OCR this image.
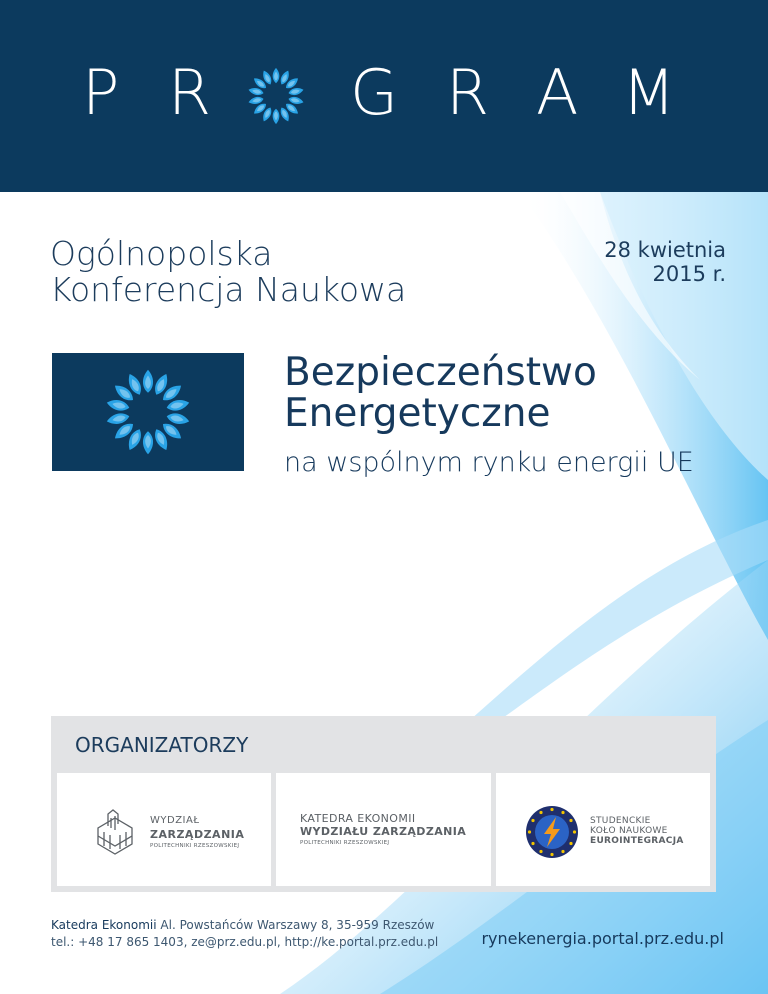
P R G R A M
Ogólnopolska
Konferencja Naukowa
28 kwietnia
2015 r.
Bezpieczeństwo
Energetyczne
na wspólnym rynku energii UE
ORGANIZATORZY
WYDZIAŁ
ZARZĄDZANIA
POLITECHNIKI RZESZOWSKIEJ
KATEDRA EKONOMII
WYDZIAŁU ZARZĄDZANIA
POLITECHNIKI RZESZOWSKIEJ
STUDENCKIE
KOŁO NAUKOWE
EUROINTEGRACJA
Katedra Ekonomii Al. Powstańców Warszawy 8, 35-959 Rzeszów
tel.: +48 17 865 1403, ze@prz.edu.pl, http://ke.portal.prz.edu.pl	rynekenergia.portal.prz.edu.pl
